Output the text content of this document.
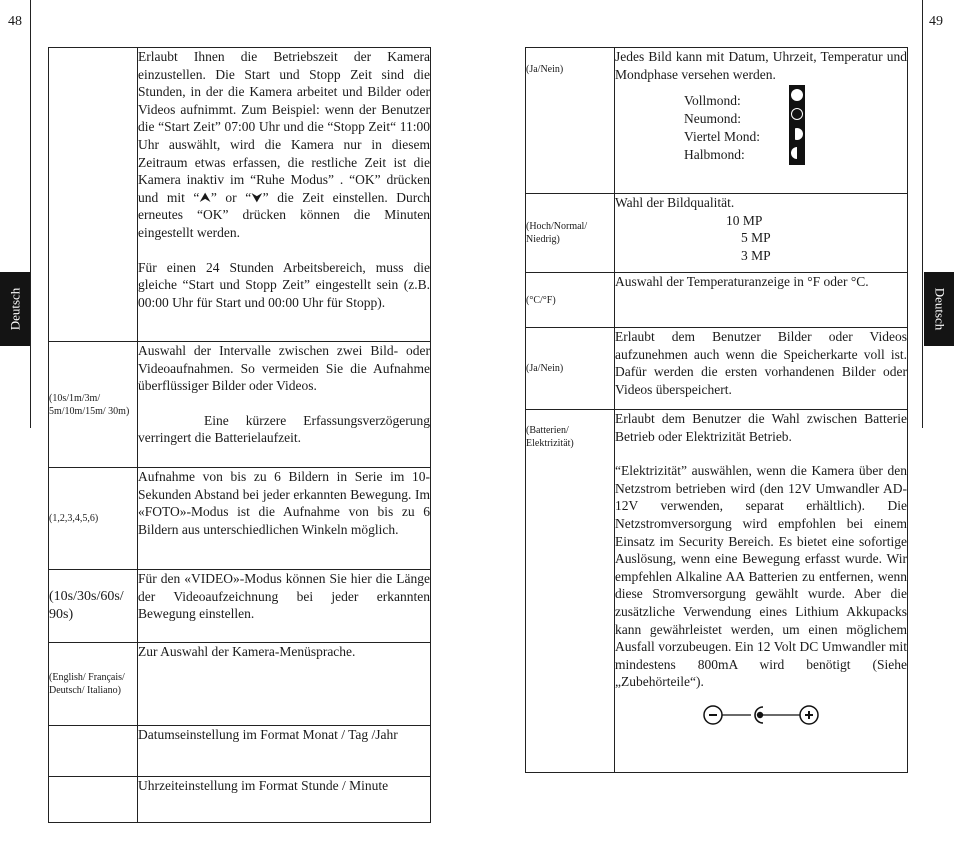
48
Deutsch

	Erlaubt Ihnen die Betriebszeit der Kamera einzustellen. Die Start und Stopp Zeit sind die Stunden, in der die Kamera arbeitet und Bilder oder Videos aufnimmt. Zum Beispiel: wenn der Benutzer die “Start Zeit” 07:00 Uhr und die “Stopp Zeit“ 11:00 Uhr auswählt, wird die Kamera nur in diesem Zeitraum etwas erfassen, die restliche Zeit ist die Kamera inaktiv im “Ruhe Modus” . “OK” drücken und mit “⮝” or “⮟” die Zeit einstellen. Durch erneutes “OK” drücken können die Minuten eingestellt werden.

Für einen 24 Stunden Arbeitsbereich, muss die gleiche “Start und Stopp Zeit” eingestellt sein (z.B. 00:00 Uhr für Start und 00:00 Uhr für Stopp).

(10s/1m/3m/ 5m/10m/15m/ 30m)	Auswahl der Intervalle zwischen zwei Bild- oder Videoaufnahmen. So vermeiden Sie die Aufnahme überflüssiger Bilder oder Videos.

Eine kürzere Erfassungsverzögerung verringert die Batterielaufzeit.

(1,2,3,4,5,6)	Aufnahme von bis zu 6 Bildern in Serie im 10-Sekunden Abstand bei jeder erkannten Bewegung. Im «FOTO»-Modus ist die Aufnahme von bis zu 6 Bildern aus unterschiedlichen Winkeln möglich.

(10s/30s/60s/ 90s)	Für den «VIDEO»-Modus können Sie hier die Länge der Videoaufzeichnung bei jeder erkannten Bewegung einstellen.

(English/ Français/ Deutsch/ Italiano)	Zur Auswahl der Kamera-Menüsprache.

	Datumseinstellung im Format Monat / Tag /Jahr

	Uhrzeiteinstellung im Format Stunde / Minute

49
Deutsch
(Ja/Nein)	Jedes Bild kann mit Datum, Uhrzeit, Temperatur und Mondphase versehen werden.

Vollmond:
Neumond:
Viertel Mond:
Halbmond:

(Hoch/Normal/ Niedrig)	Wahl der Bildqualität.

10 MP
5 MP
3 MP

(°C/°F)	Auswahl der Temperaturanzeige in °F oder °C.

(Ja/Nein)	Erlaubt dem Benutzer Bilder oder Videos aufzunehmen auch wenn die Speicherkarte voll ist. Dafür werden die ersten vorhandenen Bilder oder Videos überspeichert.

(Batterien/ Elektrizität)	Erlaubt dem Benutzer die Wahl zwischen Batterie Betrieb oder Elektrizität Betrieb.

“Elektrizität” auswählen, wenn die Kamera über den Netzstrom betrieben wird (den 12V Umwandler AD-12V verwenden, separat erhältlich). Die Netzstromversorgung wird empfohlen bei einem Einsatz im Security Bereich. Es bietet eine sofortige Auslösung, wenn eine Bewegung erfasst wurde. Wir empfehlen Alkaline AA Batterien zu entfernen, wenn diese Stromversorgung gewählt wurde. Aber die zusätzliche Verwendung eines Lithium Akkupacks kann gewährleistet werden, um einen möglichem Ausfall vorzubeugen. Ein 12 Volt DC Umwandler mit mindestens 800mA wird benötigt (Siehe „Zubehörteile“).
